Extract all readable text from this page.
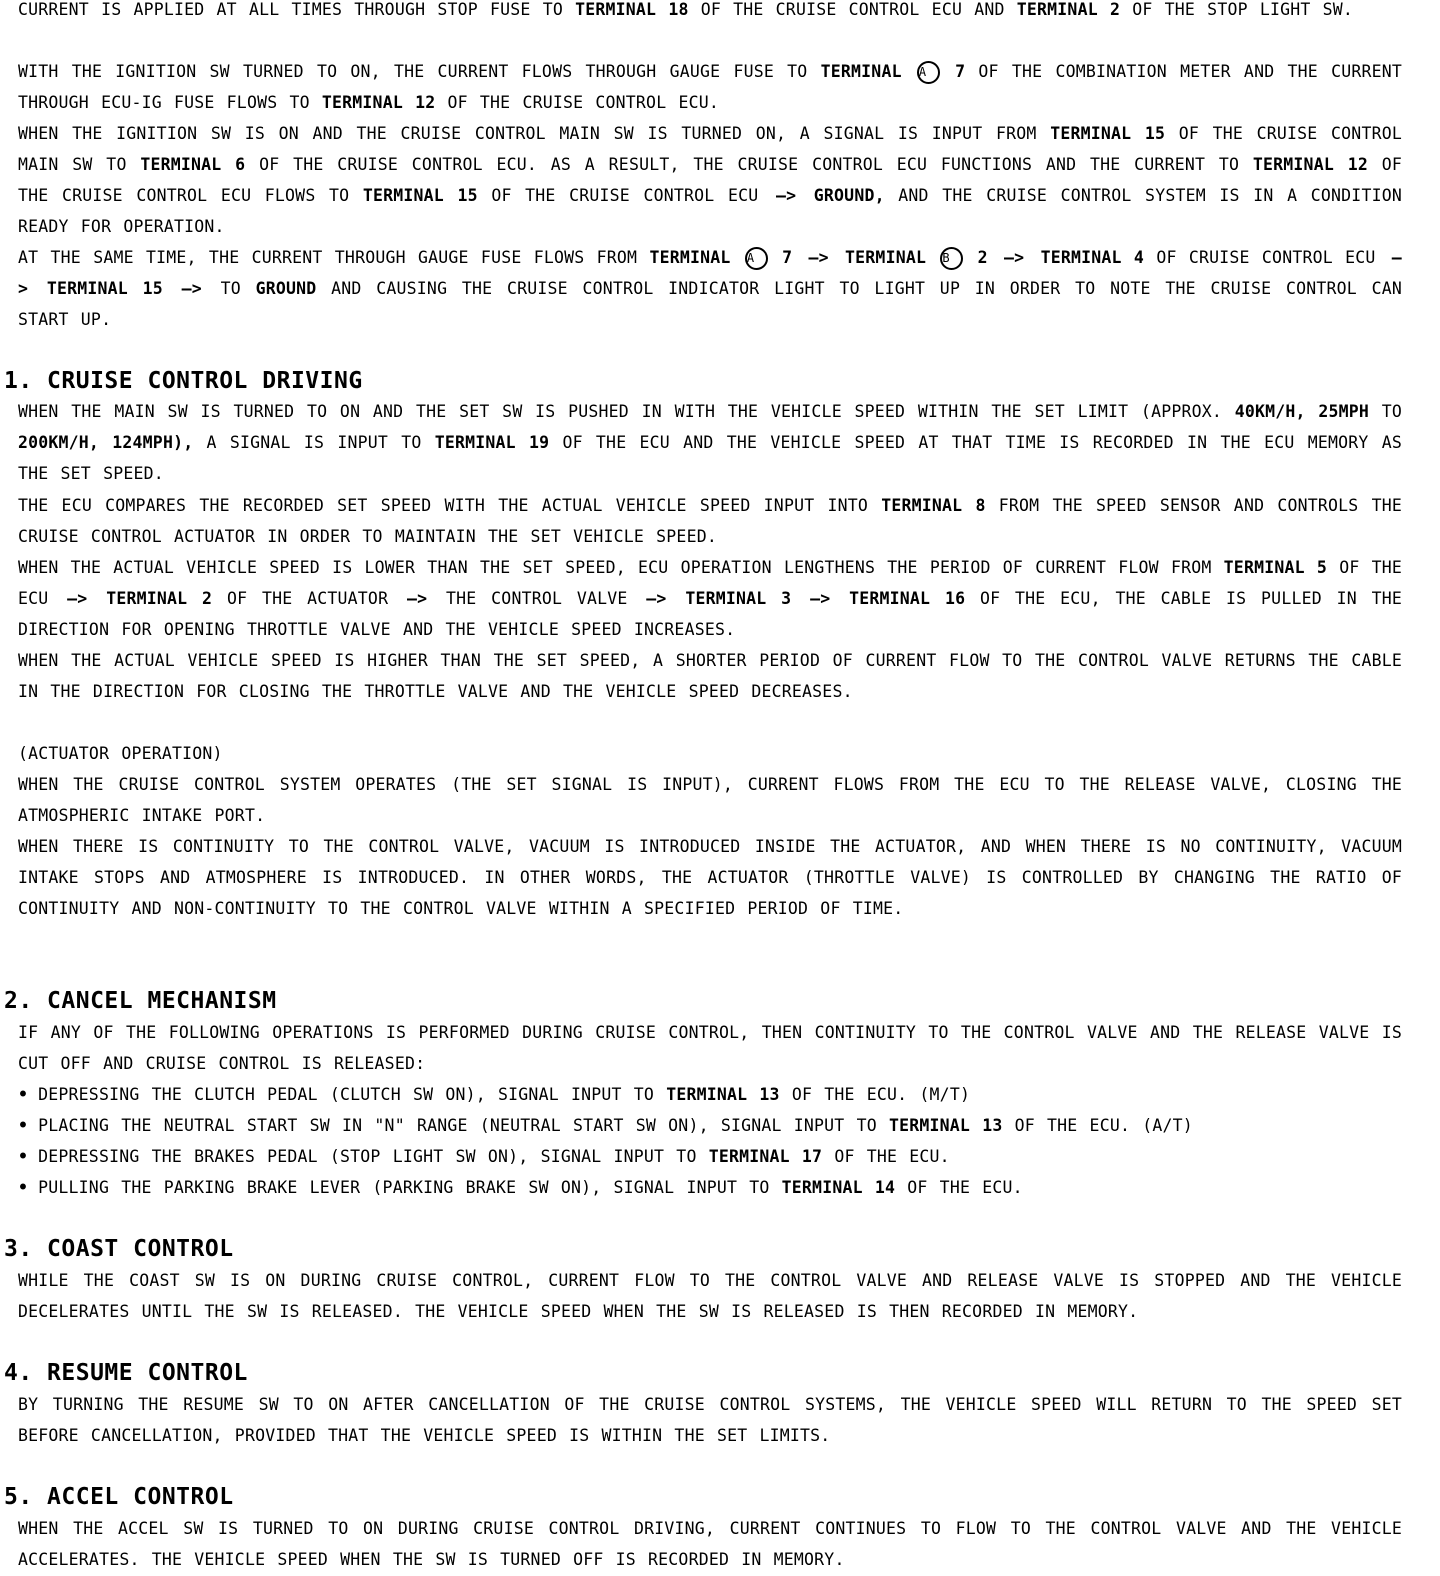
CURRENT IS APPLIED AT ALL TIMES THROUGH STOP FUSE TO TERMINAL 18 OF THE CRUISE CONTROL ECU AND TERMINAL 2 OF THE STOP LIGHT SW.
WITH THE IGNITION SW TURNED TO ON, THE CURRENT FLOWS THROUGH GAUGE FUSE TO TERMINAL A 7 OF THE COMBINATION METER AND THE CURRENT THROUGH ECU-IG FUSE FLOWS TO TERMINAL 12 OF THE CRUISE CONTROL ECU.
WHEN THE IGNITION SW IS ON AND THE CRUISE CONTROL MAIN SW IS TURNED ON, A SIGNAL IS INPUT FROM TERMINAL 15 OF THE CRUISE CONTROL MAIN SW TO TERMINAL 6 OF THE CRUISE CONTROL ECU. AS A RESULT, THE CRUISE CONTROL ECU FUNCTIONS AND THE CURRENT TO TERMINAL 12 OF THE CRUISE CONTROL ECU FLOWS TO TERMINAL 15 OF THE CRUISE CONTROL ECU —> GROUND, AND THE CRUISE CONTROL SYSTEM IS IN A CONDITION READY FOR OPERATION.
AT THE SAME TIME, THE CURRENT THROUGH GAUGE FUSE FLOWS FROM TERMINAL A 7 —> TERMINAL B 2 —> TERMINAL 4 OF CRUISE CONTROL ECU —> TERMINAL 15 —> TO GROUND AND CAUSING THE CRUISE CONTROL INDICATOR LIGHT TO LIGHT UP IN ORDER TO NOTE THE CRUISE CONTROL CAN START UP.
1. CRUISE CONTROL DRIVING
WHEN THE MAIN SW IS TURNED TO ON AND THE SET SW IS PUSHED IN WITH THE VEHICLE SPEED WITHIN THE SET LIMIT (APPROX. 40KM/H, 25MPH TO 200KM/H, 124MPH), A SIGNAL IS INPUT TO TERMINAL 19 OF THE ECU AND THE VEHICLE SPEED AT THAT TIME IS RECORDED IN THE ECU MEMORY AS THE SET SPEED.
THE ECU COMPARES THE RECORDED SET SPEED WITH THE ACTUAL VEHICLE SPEED INPUT INTO TERMINAL 8 FROM THE SPEED SENSOR AND CONTROLS THE CRUISE CONTROL ACTUATOR IN ORDER TO MAINTAIN THE SET VEHICLE SPEED.
WHEN THE ACTUAL VEHICLE SPEED IS LOWER THAN THE SET SPEED, ECU OPERATION LENGTHENS THE PERIOD OF CURRENT FLOW FROM TERMINAL 5 OF THE ECU —> TERMINAL 2 OF THE ACTUATOR —> THE CONTROL VALVE —> TERMINAL 3 —> TERMINAL 16 OF THE ECU, THE CABLE IS PULLED IN THE DIRECTION FOR OPENING THROTTLE VALVE AND THE VEHICLE SPEED INCREASES.
WHEN THE ACTUAL VEHICLE SPEED IS HIGHER THAN THE SET SPEED, A SHORTER PERIOD OF CURRENT FLOW TO THE CONTROL VALVE RETURNS THE CABLE IN THE DIRECTION FOR CLOSING THE THROTTLE VALVE AND THE VEHICLE SPEED DECREASES.
(ACTUATOR OPERATION)
WHEN THE CRUISE CONTROL SYSTEM OPERATES (THE SET SIGNAL IS INPUT), CURRENT FLOWS FROM THE ECU TO THE RELEASE VALVE, CLOSING THE ATMOSPHERIC INTAKE PORT.
WHEN THERE IS CONTINUITY TO THE CONTROL VALVE, VACUUM IS INTRODUCED INSIDE THE ACTUATOR, AND WHEN THERE IS NO CONTINUITY, VACUUM INTAKE STOPS AND ATMOSPHERE IS INTRODUCED. IN OTHER WORDS, THE ACTUATOR (THROTTLE VALVE) IS CONTROLLED BY CHANGING THE RATIO OF CONTINUITY AND NON-CONTINUITY TO THE CONTROL VALVE WITHIN A SPECIFIED PERIOD OF TIME.
2. CANCEL MECHANISM
IF ANY OF THE FOLLOWING OPERATIONS IS PERFORMED DURING CRUISE CONTROL, THEN CONTINUITY TO THE CONTROL VALVE AND THE RELEASE VALVE IS CUT OFF AND CRUISE CONTROL IS RELEASED:
• DEPRESSING THE CLUTCH PEDAL (CLUTCH SW ON), SIGNAL INPUT TO TERMINAL 13 OF THE ECU. (M/T)
• PLACING THE NEUTRAL START SW IN "N" RANGE (NEUTRAL START SW ON), SIGNAL INPUT TO TERMINAL 13 OF THE ECU. (A/T)
• DEPRESSING THE BRAKES PEDAL (STOP LIGHT SW ON), SIGNAL INPUT TO TERMINAL 17 OF THE ECU.
• PULLING THE PARKING BRAKE LEVER (PARKING BRAKE SW ON), SIGNAL INPUT TO TERMINAL 14 OF THE ECU.
3. COAST CONTROL
WHILE THE COAST SW IS ON DURING CRUISE CONTROL, CURRENT FLOW TO THE CONTROL VALVE AND RELEASE VALVE IS STOPPED AND THE VEHICLE DECELERATES UNTIL THE SW IS RELEASED. THE VEHICLE SPEED WHEN THE SW IS RELEASED IS THEN RECORDED IN MEMORY.
4. RESUME CONTROL
BY TURNING THE RESUME SW TO ON AFTER CANCELLATION OF THE CRUISE CONTROL SYSTEMS, THE VEHICLE SPEED WILL RETURN TO THE SPEED SET BEFORE CANCELLATION, PROVIDED THAT THE VEHICLE SPEED IS WITHIN THE SET LIMITS.
5. ACCEL CONTROL
WHEN THE ACCEL SW IS TURNED TO ON DURING CRUISE CONTROL DRIVING, CURRENT CONTINUES TO FLOW TO THE CONTROL VALVE AND THE VEHICLE ACCELERATES. THE VEHICLE SPEED WHEN THE SW IS TURNED OFF IS RECORDED IN MEMORY.
